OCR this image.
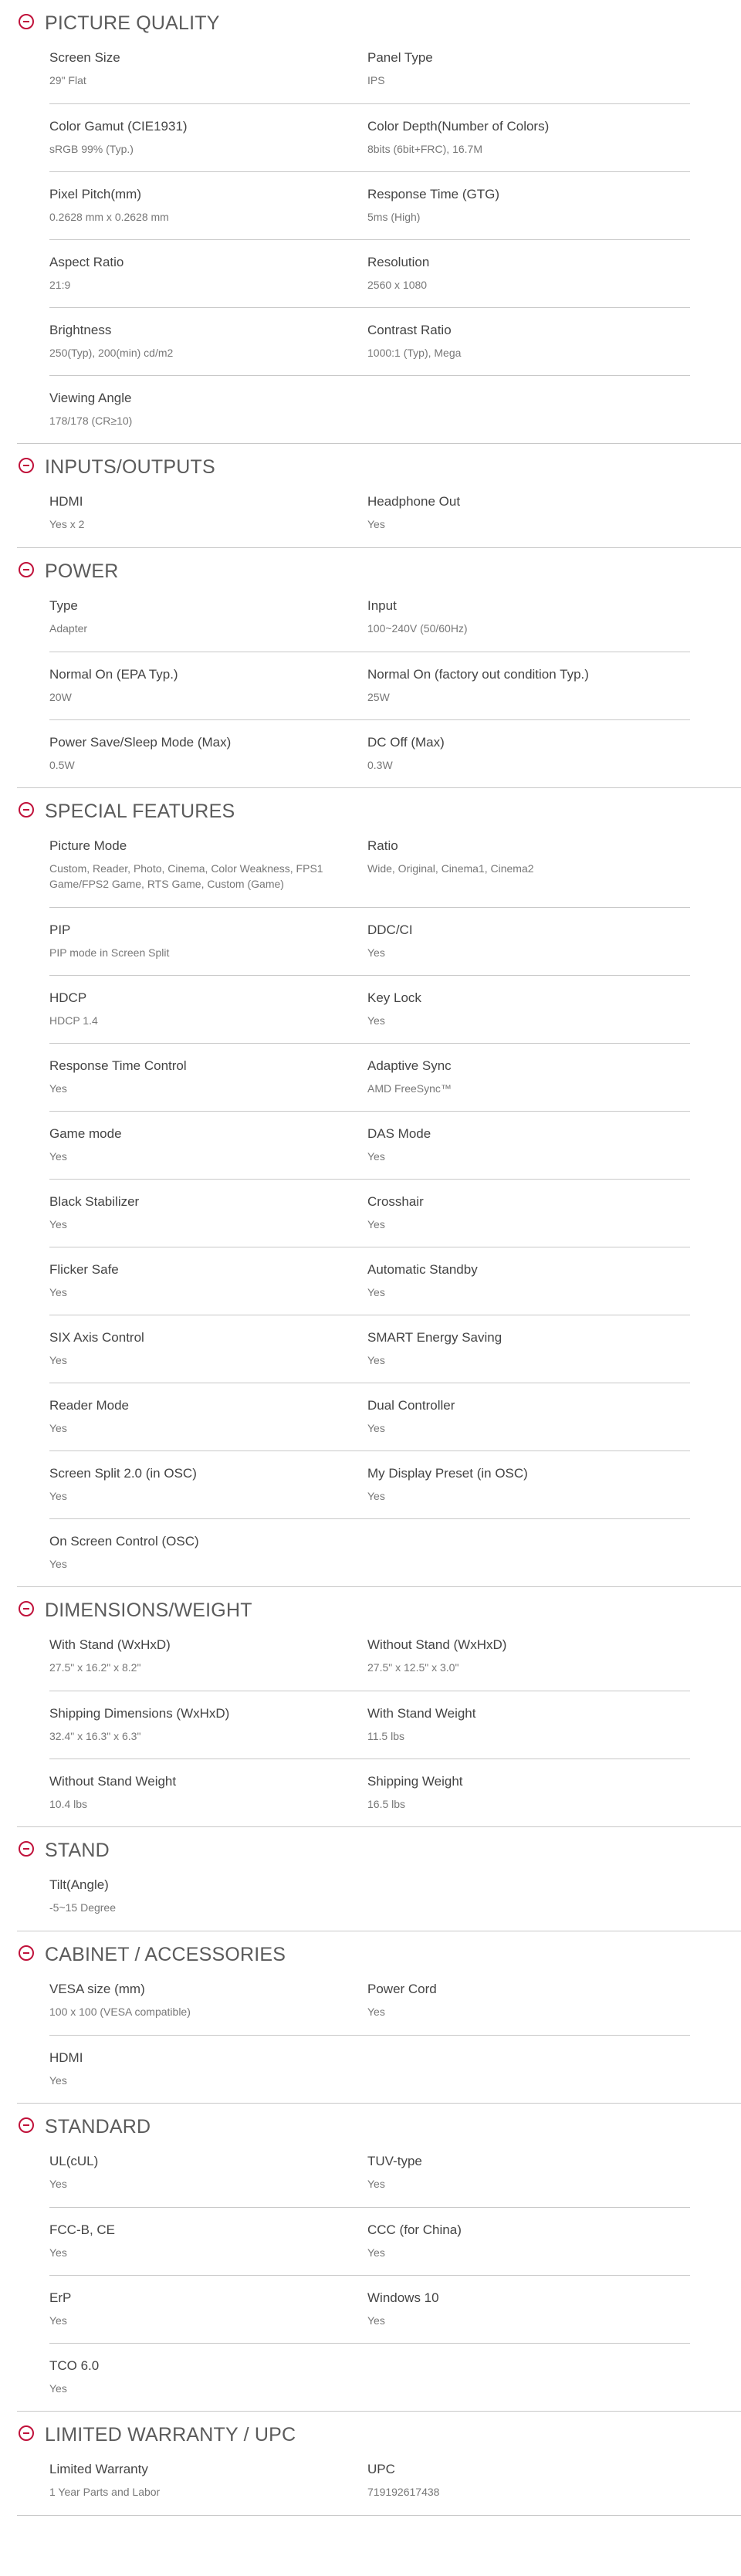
PICTURE QUALITY
Screen Size
29" Flat
Panel Type
IPS
Color Gamut (CIE1931)
sRGB 99% (Typ.)
Color Depth(Number of Colors)
8bits (6bit+FRC), 16.7M
Pixel Pitch(mm)
0.2628 mm x 0.2628 mm
Response Time (GTG)
5ms (High)
Aspect Ratio
21:9
Resolution
2560 x 1080
Brightness
250(Typ), 200(min) cd/m2
Contrast Ratio
1000:1 (Typ), Mega
Viewing Angle
178/178 (CR≥10)
INPUTS/OUTPUTS
HDMI
Yes x 2
Headphone Out
Yes
POWER
Type
Adapter
Input
100~240V (50/60Hz)
Normal On (EPA Typ.)
20W
Normal On (factory out condition Typ.)
25W
Power Save/Sleep Mode (Max)
0.5W
DC Off (Max)
0.3W
SPECIAL FEATURES
Picture Mode
Custom, Reader, Photo, Cinema, Color Weakness, FPS1 Game/FPS2 Game, RTS Game, Custom (Game)
Ratio
Wide, Original, Cinema1, Cinema2
PIP
PIP mode in Screen Split
DDC/CI
Yes
HDCP
HDCP 1.4
Key Lock
Yes
Response Time Control
Yes
Adaptive Sync
AMD FreeSync™
Game mode
Yes
DAS Mode
Yes
Black Stabilizer
Yes
Crosshair
Yes
Flicker Safe
Yes
Automatic Standby
Yes
SIX Axis Control
Yes
SMART Energy Saving
Yes
Reader Mode
Yes
Dual Controller
Yes
Screen Split 2.0 (in OSC)
Yes
My Display Preset (in OSC)
Yes
On Screen Control (OSC)
Yes
DIMENSIONS/WEIGHT
With Stand (WxHxD)
27.5" x 16.2" x 8.2"
Without Stand (WxHxD)
27.5" x 12.5" x 3.0"
Shipping Dimensions (WxHxD)
32.4" x 16.3" x 6.3"
With Stand Weight
11.5 lbs
Without Stand Weight
10.4 lbs
Shipping Weight
16.5 lbs
STAND
Tilt(Angle)
-5~15 Degree
CABINET / ACCESSORIES
VESA size (mm)
100 x 100 (VESA compatible)
Power Cord
Yes
HDMI
Yes
STANDARD
UL(cUL)
Yes
TUV-type
Yes
FCC-B, CE
Yes
CCC (for China)
Yes
ErP
Yes
Windows 10
Yes
TCO 6.0
Yes
LIMITED WARRANTY / UPC
Limited Warranty
1 Year Parts and Labor
UPC
719192617438
